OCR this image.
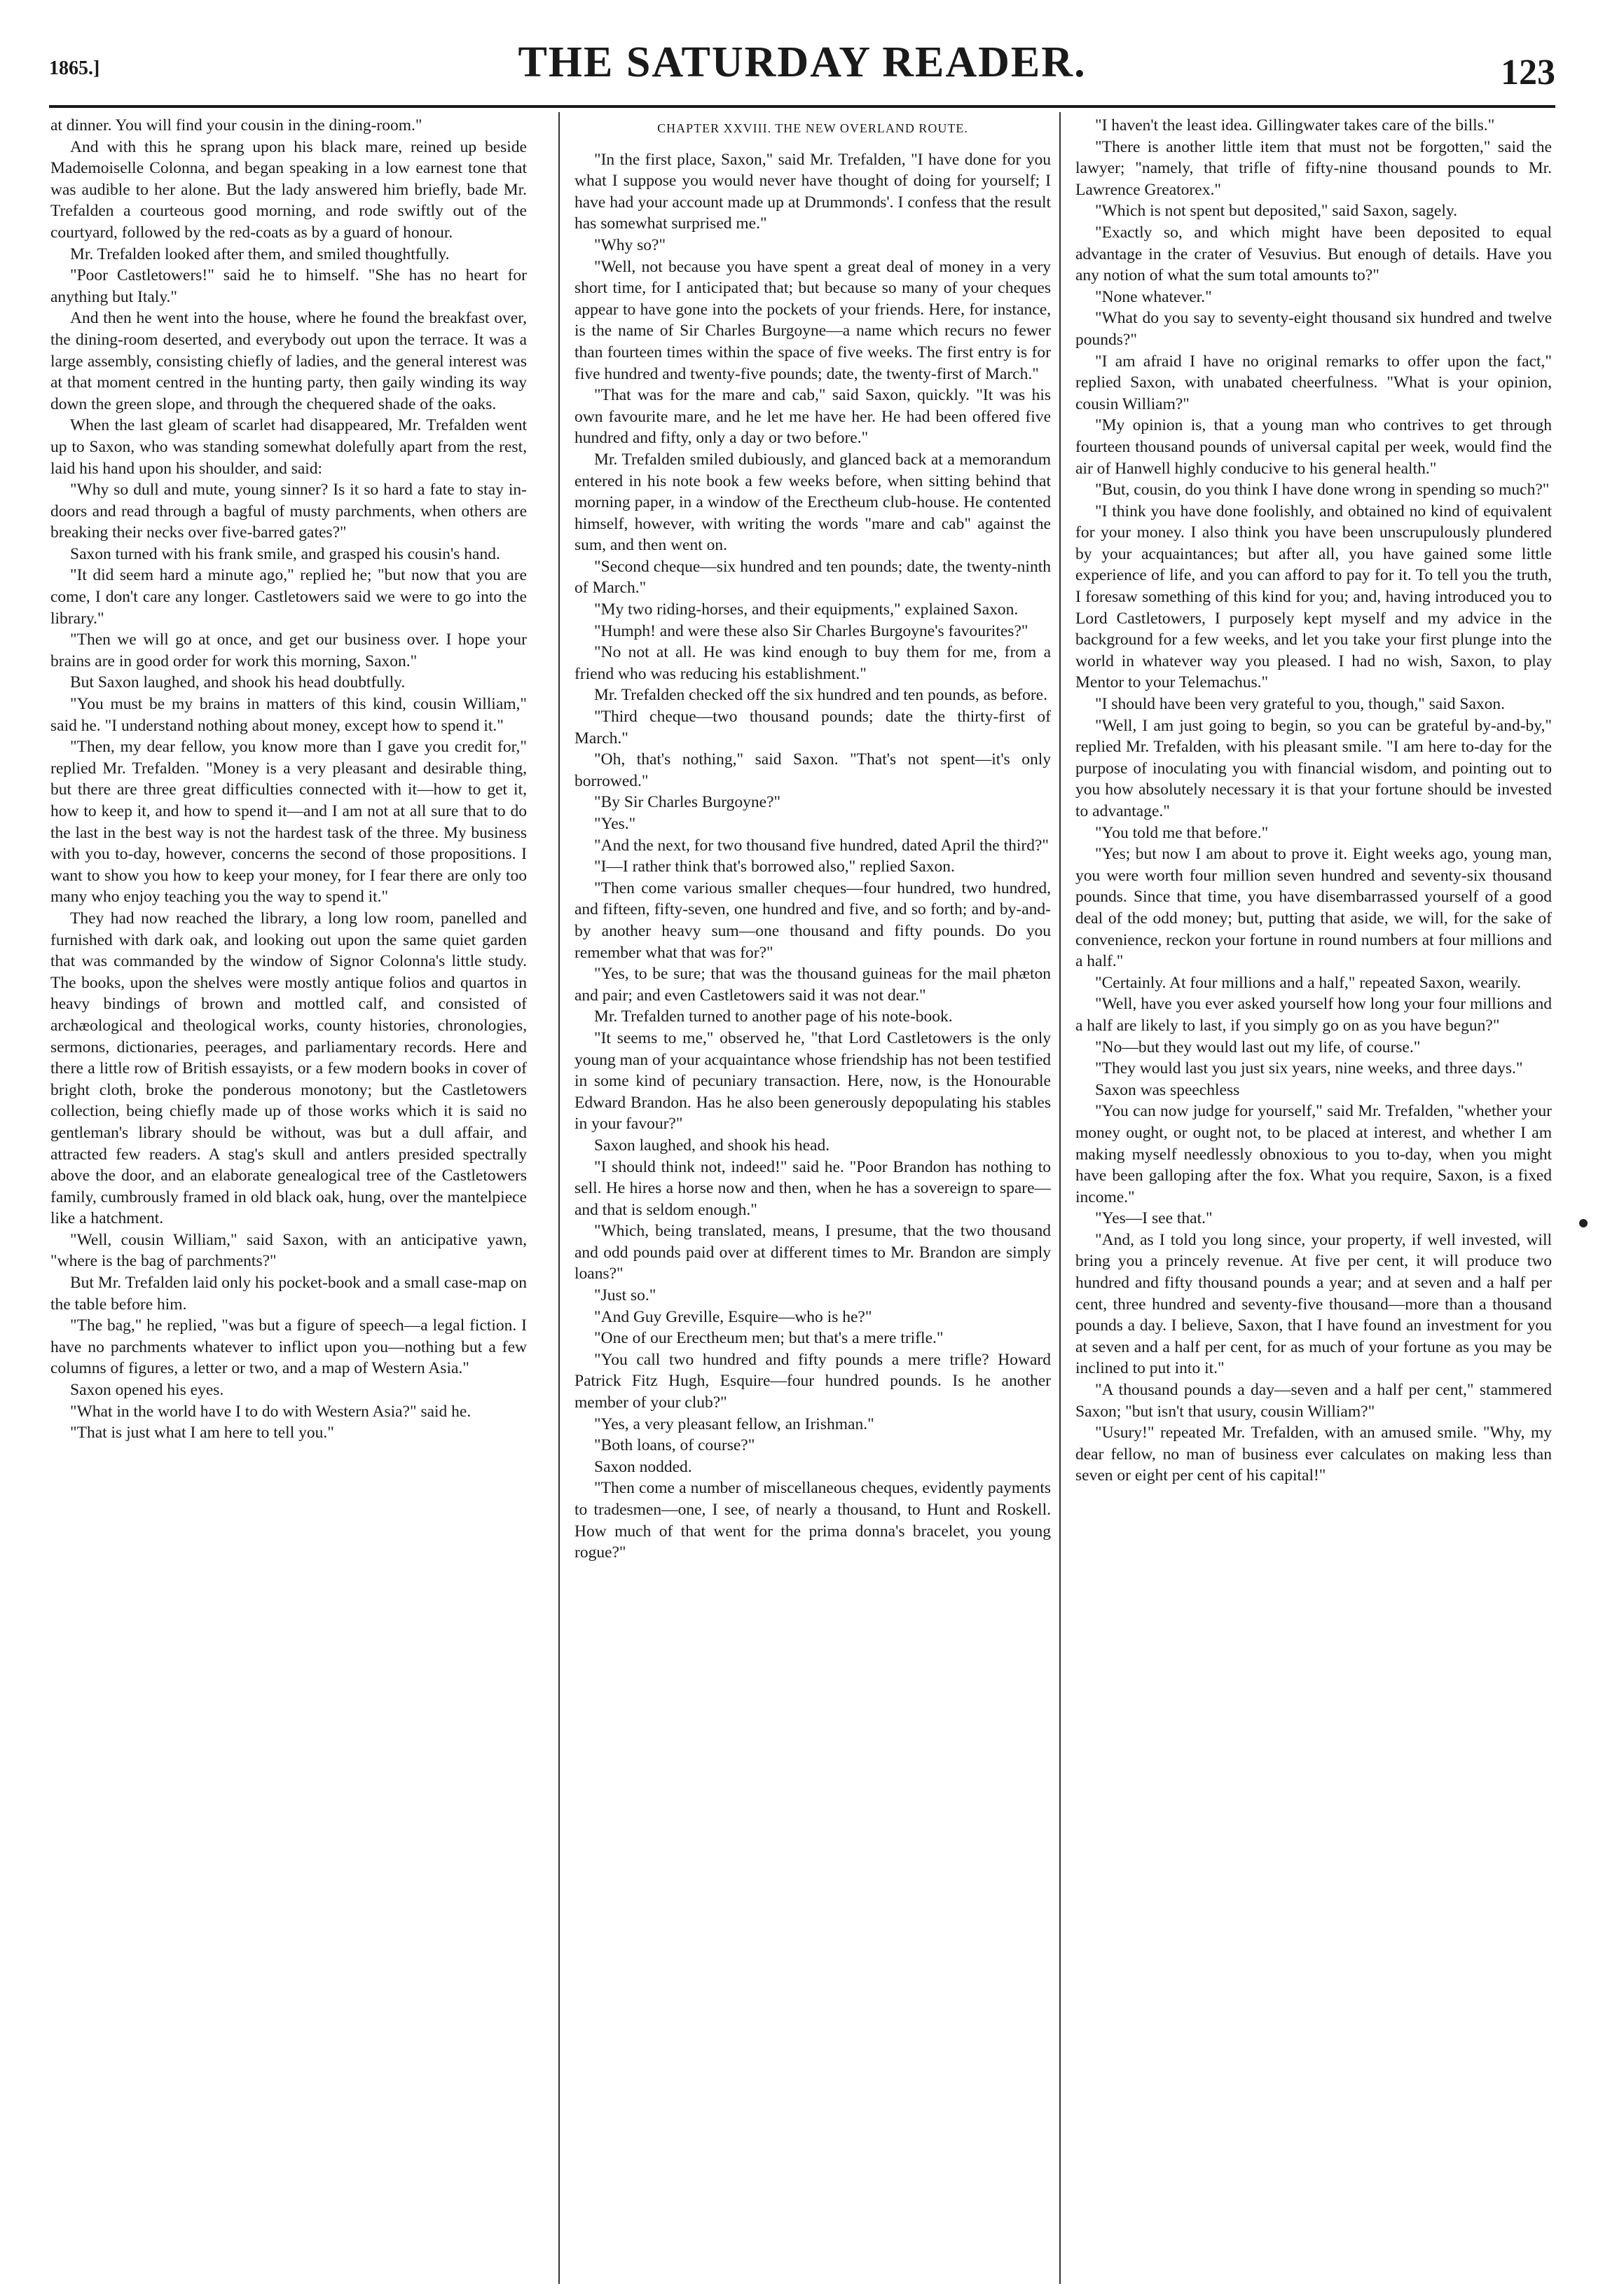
1865.]	THE SATURDAY READER.	123

at dinner. You will find your cousin in the dining-room."

And with this he sprang upon his black mare, reined up beside Mademoiselle Colonna, and began speaking in a low earnest tone that was audible to her alone. But the lady answered him briefly, bade Mr. Trefalden a courteous good morning, and rode swiftly out of the courtyard, followed by the red-coats as by a guard of honour.

Mr. Trefalden looked after them, and smiled thoughtfully.

"Poor Castletowers!" said he to himself. "She has no heart for anything but Italy."

And then he went into the house, where he found the breakfast over, the dining-room deserted, and everybody out upon the terrace. It was a large assembly, consisting chiefly of ladies, and the general interest was at that moment centred in the hunting party, then gaily winding its way down the green slope, and through the chequered shade of the oaks.

When the last gleam of scarlet had disappeared, Mr. Trefalden went up to Saxon, who was standing somewhat dolefully apart from the rest, laid his hand upon his shoulder, and said:

"Why so dull and mute, young sinner? Is it so hard a fate to stay in-doors and read through a bagful of musty parchments, when others are breaking their necks over five-barred gates?"

Saxon turned with his frank smile, and grasped his cousin's hand.

"It did seem hard a minute ago," replied he; "but now that you are come, I don't care any longer. Castletowers said we were to go into the library."

"Then we will go at once, and get our business over. I hope your brains are in good order for work this morning, Saxon."

But Saxon laughed, and shook his head doubtfully.

"You must be my brains in matters of this kind, cousin William," said he. "I understand nothing about money, except how to spend it."

"Then, my dear fellow, you know more than I gave you credit for," replied Mr. Trefalden. "Money is a very pleasant and desirable thing, but there are three great difficulties connected with it—how to get it, how to keep it, and how to spend it—and I am not at all sure that to do the last in the best way is not the hardest task of the three. My business with you to-day, however, concerns the second of those propositions. I want to show you how to keep your money, for I fear there are only too many who enjoy teaching you the way to spend it."

They had now reached the library, a long low room, panelled and furnished with dark oak, and looking out upon the same quiet garden that was commanded by the window of Signor Colonna's little study. The books, upon the shelves were mostly antique folios and quartos in heavy bindings of brown and mottled calf, and consisted of archæological and theological works, county histories, chronologies, sermons, dictionaries, peerages, and parliamentary records. Here and there a little row of British essayists, or a few modern books in cover of bright cloth, broke the ponderous monotony; but the Castletowers collection, being chiefly made up of those works which it is said no gentleman's library should be without, was but a dull affair, and attracted few readers. A stag's skull and antlers presided spectrally above the door, and an elaborate genealogical tree of the Castletowers family, cumbrously framed in old black oak, hung, over the mantelpiece like a hatchment.

"Well, cousin William," said Saxon, with an anticipative yawn, "where is the bag of parchments?"

But Mr. Trefalden laid only his pocket-book and a small case-map on the table before him.

"The bag," he replied, "was but a figure of speech—a legal fiction. I have no parchments whatever to inflict upon you—nothing but a few columns of figures, a letter or two, and a map of Western Asia."

Saxon opened his eyes.

"What in the world have I to do with Western Asia?" said he.

"That is just what I am here to tell you."

CHAPTER XXVIII. THE NEW OVERLAND ROUTE.

"In the first place, Saxon," said Mr. Trefalden, "I have done for you what I suppose you would never have thought of doing for yourself; I have had your account made up at Drummonds'. I confess that the result has somewhat surprised me."

"Why so?"

"Well, not because you have spent a great deal of money in a very short time, for I anticipated that; but because so many of your cheques appear to have gone into the pockets of your friends. Here, for instance, is the name of Sir Charles Burgoyne—a name which recurs no fewer than fourteen times within the space of five weeks. The first entry is for five hundred and twenty-five pounds; date, the twenty-first of March."

"That was for the mare and cab," said Saxon, quickly. "It was his own favourite mare, and he let me have her. He had been offered five hundred and fifty, only a day or two before."

Mr. Trefalden smiled dubiously, and glanced back at a memorandum entered in his note book a few weeks before, when sitting behind that morning paper, in a window of the Erectheum club-house. He contented himself, however, with writing the words "mare and cab" against the sum, and then went on.

"Second cheque—six hundred and ten pounds; date, the twenty-ninth of March."

"My two riding-horses, and their equipments," explained Saxon.

"Humph! and were these also Sir Charles Burgoyne's favourites?"

"No not at all. He was kind enough to buy them for me, from a friend who was reducing his establishment."

Mr. Trefalden checked off the six hundred and ten pounds, as before.

"Third cheque—two thousand pounds; date the thirty-first of March."

"Oh, that's nothing," said Saxon. "That's not spent—it's only borrowed."

"By Sir Charles Burgoyne?"

"Yes."

"And the next, for two thousand five hundred, dated April the third?"

"I—I rather think that's borrowed also," replied Saxon.

"Then come various smaller cheques—four hundred, two hundred, and fifteen, fifty-seven, one hundred and five, and so forth; and by-and-by another heavy sum—one thousand and fifty pounds. Do you remember what that was for?"

"Yes, to be sure; that was the thousand guineas for the mail phæton and pair; and even Castletowers said it was not dear."

Mr. Trefalden turned to another page of his note-book.

"It seems to me," observed he, "that Lord Castletowers is the only young man of your acquaintance whose friendship has not been testified in some kind of pecuniary transaction. Here, now, is the Honourable Edward Brandon. Has he also been generously depopulating his stables in your favour?"

Saxon laughed, and shook his head.

"I should think not, indeed!" said he. "Poor Brandon has nothing to sell. He hires a horse now and then, when he has a sovereign to spare—and that is seldom enough."

"Which, being translated, means, I presume, that the two thousand and odd pounds paid over at different times to Mr. Brandon are simply loans?"

"Just so."

"And Guy Greville, Esquire—who is he?"

"One of our Erectheum men; but that's a mere trifle."

"You call two hundred and fifty pounds a mere trifle? Howard Patrick Fitz Hugh, Esquire—four hundred pounds. Is he another member of your club?"

"Yes, a very pleasant fellow, an Irishman."

"Both loans, of course?"

Saxon nodded.

"Then come a number of miscellaneous cheques, evidently payments to tradesmen—one, I see, of nearly a thousand, to Hunt and Roskell. How much of that went for the prima donna's bracelet, you young rogue?"

"I haven't the least idea. Gillingwater takes care of the bills."

"There is another little item that must not be forgotten," said the lawyer; "namely, that trifle of fifty-nine thousand pounds to Mr. Lawrence Greatorex."

"Which is not spent but deposited," said Saxon, sagely.

"Exactly so, and which might have been deposited to equal advantage in the crater of Vesuvius. But enough of details. Have you any notion of what the sum total amounts to?"

"None whatever."

"What do you say to seventy-eight thousand six hundred and twelve pounds?"

"I am afraid I have no original remarks to offer upon the fact," replied Saxon, with unabated cheerfulness. "What is your opinion, cousin William?"

"My opinion is, that a young man who contrives to get through fourteen thousand pounds of universal capital per week, would find the air of Hanwell highly conducive to his general health."

"But, cousin, do you think I have done wrong in spending so much?"

"I think you have done foolishly, and obtained no kind of equivalent for your money. I also think you have been unscrupulously plundered by your acquaintances; but after all, you have gained some little experience of life, and you can afford to pay for it. To tell you the truth, I foresaw something of this kind for you; and, having introduced you to Lord Castletowers, I purposely kept myself and my advice in the background for a few weeks, and let you take your first plunge into the world in whatever way you pleased. I had no wish, Saxon, to play Mentor to your Telemachus."

"I should have been very grateful to you, though," said Saxon.

"Well, I am just going to begin, so you can be grateful by-and-by," replied Mr. Trefalden, with his pleasant smile. "I am here to-day for the purpose of inoculating you with financial wisdom, and pointing out to you how absolutely necessary it is that your fortune should be invested to advantage."

"You told me that before."

"Yes; but now I am about to prove it. Eight weeks ago, young man, you were worth four million seven hundred and seventy-six thousand pounds. Since that time, you have disembarrassed yourself of a good deal of the odd money; but, putting that aside, we will, for the sake of convenience, reckon your fortune in round numbers at four millions and a half."

"Certainly. At four millions and a half," repeated Saxon, wearily.

"Well, have you ever asked yourself how long your four millions and a half are likely to last, if you simply go on as you have begun?"

"No—but they would last out my life, of course."

"They would last you just six years, nine weeks, and three days."

Saxon was speechless

"You can now judge for yourself," said Mr. Trefalden, "whether your money ought, or ought not, to be placed at interest, and whether I am making myself needlessly obnoxious to you to-day, when you might have been galloping after the fox. What you require, Saxon, is a fixed income."

"Yes—I see that."

"And, as I told you long since, your property, if well invested, will bring you a princely revenue. At five per cent, it will produce two hundred and fifty thousand pounds a year; and at seven and a half per cent, three hundred and seventy-five thousand—more than a thousand pounds a day. I believe, Saxon, that I have found an investment for you at seven and a half per cent, for as much of your fortune as you may be inclined to put into it."

"A thousand pounds a day—seven and a half per cent," stammered Saxon; "but isn't that usury, cousin William?"

"Usury!" repeated Mr. Trefalden, with an amused smile. "Why, my dear fellow, no man of business ever calculates on making less than seven or eight per cent of his capital!"
